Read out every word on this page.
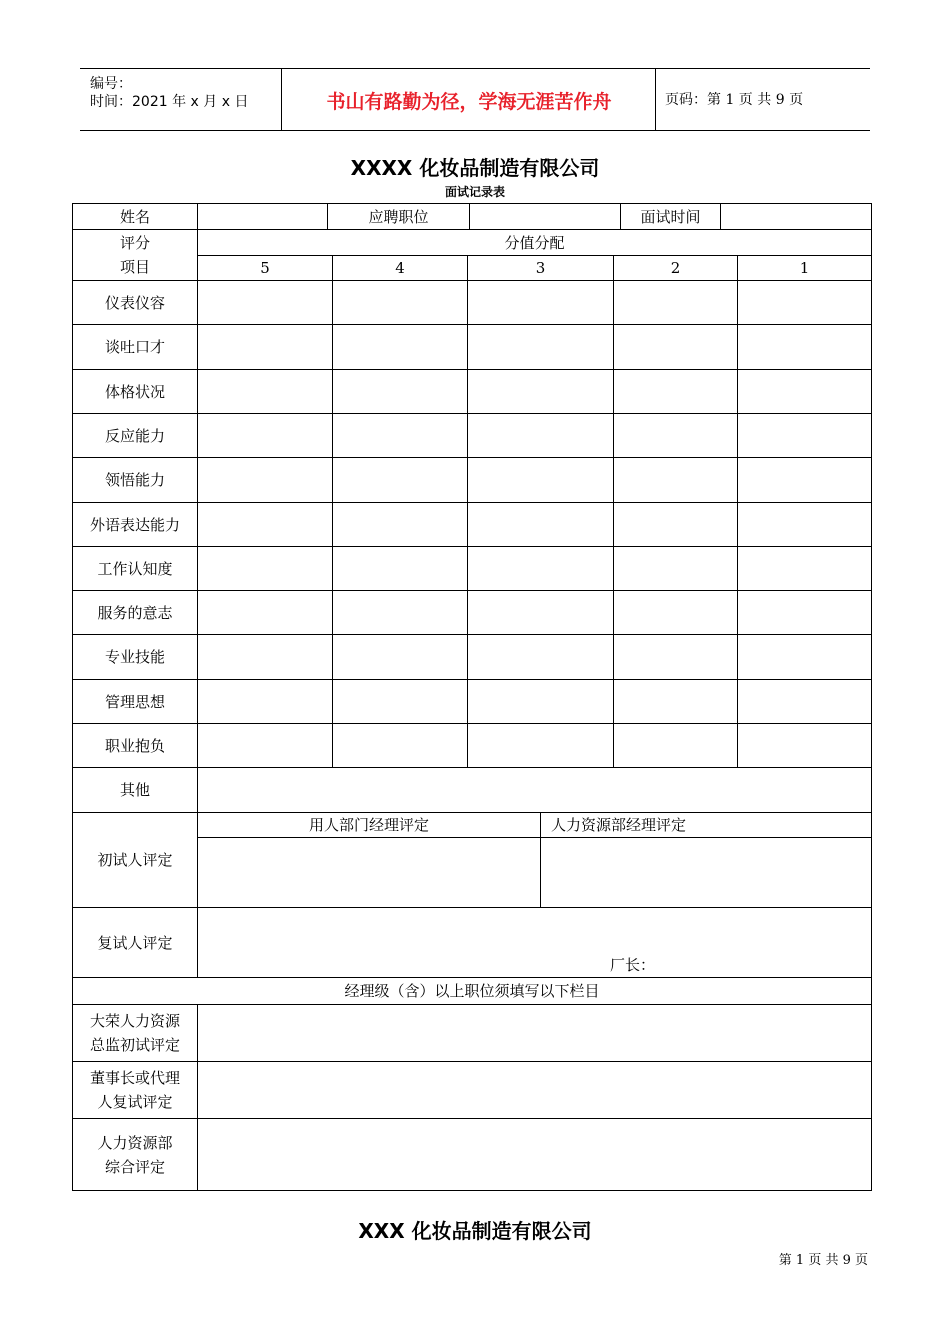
编号：
时间：2021 年 x 月 x 日	书山有路勤为径，学海无涯苦作舟	页码：第 1 页 共 9 页
XXXX 化妆品制造有限公司
面试记录表
姓名	应聘职位	面试时间
评分
项目
分值分配
5	4	3	2	1
仪表仪容
谈吐口才
体格状况
反应能力
领悟能力
外语表达能力
工作认知度
服务的意志
专业技能
管理思想
职业抱负
其他
初试人评定
用人部门经理评定	人力资源部经理评定
复试人评定
厂长：
经理级（含）以上职位须填写以下栏目
大荣人力资源
总监初试评定
董事长或代理
人复试评定
人力资源部
综合评定
XXX 化妆品制造有限公司
第 1 页 共 9 页
